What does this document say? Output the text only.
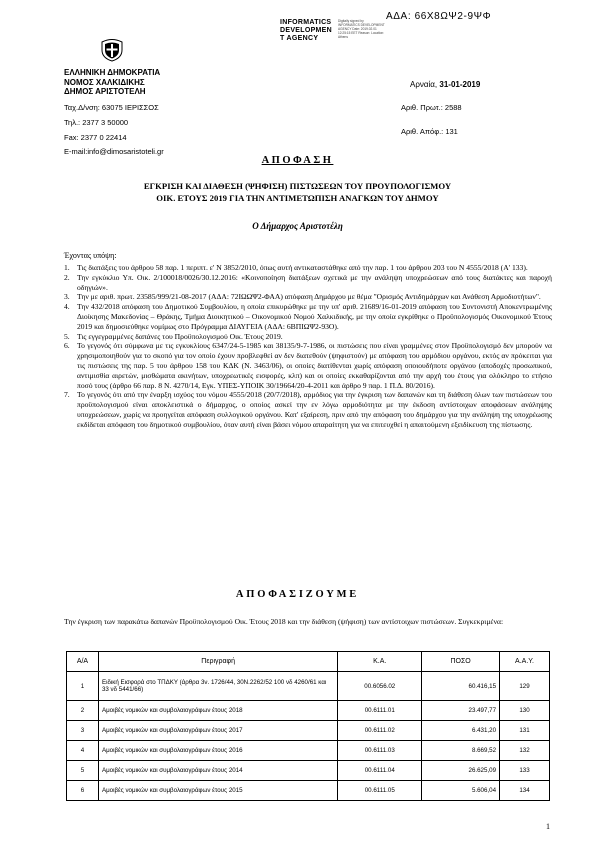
ΑΔΑ: 66Χ8ΩΨ2-9ΨΦ
INFORMATICS
DEVELOPMEN
T AGENCY
Digitally signed by INFORMATICS DEVELOPMENT AGENCY Date: 2019.02.01 12:25:15 EET Reason: Location: Athens
ΕΛΛΗΝΙΚΗ ΔΗΜΟΚΡΑΤΙΑ
ΝΟΜΟΣ ΧΑΛΚΙΔΙΚΗΣ
ΔΗΜΟΣ ΑΡΙΣΤΟΤΕΛΗ
Ταχ.Δ/νση: 63075 ΙΕΡΙΣΣΟΣ
Τηλ.: 2377 3 50000
Fax: 2377 0 22414
E-mail:info@dimosaristoteli.gr
Αρναία, 31-01-2019
Αριθ. Πρωτ.: 2588
Αριθ. Απόφ.: 131
ΑΠΟΦΑΣΗ
ΕΓΚΡΙΣΗ ΚΑΙ ΔΙΑΘΕΣΗ (ΨΗΦΙΣΗ) ΠΙΣΤΩΣΕΩΝ ΤΟΥ ΠΡΟΥΠΟΛΟΓΙΣΜΟΥ
ΟΙΚ. ΕΤΟΥΣ 2019 ΓΙΑ ΤΗΝ ΑΝΤΙΜΕΤΩΠΙΣΗ ΑΝΑΓΚΩΝ ΤΟΥ ΔΗΜΟΥ
Ο Δήμαρχος Αριστοτέλη
Έχοντας υπόψη:
1. Τις διατάξεις του άρθρου 58 παρ. 1 περιπτ. ε' Ν 3852/2010, όπως αυτή αντικαταστάθηκε από την παρ. 1 του άρθρου 203 του Ν 4555/2018 (Α' 133).
2. Την εγκύκλιο Υπ. Οικ. 2/100018/0026/30.12.2016: «Κοινοποίηση διατάξεων σχετικά με την ανάληψη υποχρεώσεων από τους διατάκτες και παροχή οδηγιών».
3. Την με αριθ. πρωτ. 23585/999/21-08-2017 (ΑΔΑ: 72ΙΩΩΨ2-ΦΑΑ) απόφαση Δημάρχου με θέμα "Ορισμός Αντιδημάρχων και Ανάθεση Αρμοδιοτήτων".
4. Την 432/2018 απόφαση του Δημοτικού Συμβουλίου, η οποία επικυρώθηκε με την υπ' αριθ. 21689/16-01-2019 απόφαση του Συντονιστή Αποκεντρωμένης Διοίκησης Μακεδονίας – Θράκης, Τμήμα Διοικητικού – Οικονομικού Νομού Χαλκιδικής, με την οποία εγκρίθηκε ο Προϋπολογισμός Οικονομικού Έτους 2019 και δημοσιεύθηκε νομίμως στο Πρόγραμμα ΔΙΑΥΓΕΙΑ (ΑΔΑ: 6ΒΠΙΩΨ2-93Ο).
5. Τις εγγεγραμμένες δαπάνες του Προϋπολογισμού Οικ. Έτους 2019.
6. Το γεγονός ότι σύμφωνα με τις εγκυκλίους 6347/24-5-1985 και 38135/9-7-1986, οι πιστώσεις που είναι γραμμένες στον Προϋπολογισμό δεν μπορούν να χρησιμοποιηθούν για το σκοπό για τον οποίο έχουν προβλεφθεί αν δεν διατεθούν (ψηφιστούν) με απόφαση του αρμόδιου οργάνου, εκτός αν πρόκειται για τις πιστώσεις της παρ. 5 του άρθρου 158 του ΚΔΚ (Ν. 3463/06), οι οποίες διατίθενται χωρίς απόφαση οποιουδήποτε οργάνου (αποδοχές προσωπικού, αντιμισθία αιρετών, μισθώματα ακινήτων, υποχρεωτικές εισφορές, κλπ) και οι οποίες εκκαθαρίζονται από την αρχή του έτους για ολόκληρο το ετήσιο ποσό τους (άρθρο 66 παρ. 8 Ν. 4270/14, Εγκ. ΥΠΕΣ-ΥΠΟΙΚ 30/19664/20-4-2011 και άρθρο 9 παρ. 1 Π.Δ. 80/2016).
7. Το γεγονός ότι από την έναρξη ισχύος του νόμου 4555/2018 (20/7/2018), αρμόδιος για την έγκριση των δαπανών και τη διάθεση όλων των πιστώσεων του προϋπολογισμού είναι αποκλειστικά ο δήμαρχος, ο οποίος ασκεί την εν λόγω αρμοδιότητα με την έκδοση αντίστοιχων αποφάσεων ανάληψης υποχρεώσεων, χωρίς να προηγείται απόφαση συλλογικού οργάνου. Κατ' εξαίρεση, πριν από την απόφαση του δημάρχου για την ανάληψη της υποχρέωσης εκδίδεται απόφαση του δημοτικού συμβουλίου, όταν αυτή είναι βάσει νόμου απαραίτητη για να επιτευχθεί η απαιτούμενη εξειδίκευση της πίστωσης.
ΑΠΟΦΑΣΙΖΟΥΜΕ
Την έγκριση των παρακάτω δαπανών Προϋπολογισμού Οικ. Έτους 2018 και την διάθεση (ψήφιση) των αντίστοιχων πιστώσεων. Συγκεκριμένα:
Α/Α	Περιγραφή	Κ.Α.	ΠΟΣΟ	Α.Α.Υ.
1	Ειδική Εισφορά στο ΤΠΔΚΥ (άρθρα 3ν. 1726/44, 30Ν.2262/52 100 νδ 4260/61 και 33 νδ 5441/66)	00.6056.02	60.416,15	129
2	Αμοιβές νομικών και συμβολαιογράφων έτους 2018	00.6111.01	23.497,77	130
3	Αμοιβές νομικών και συμβολαιογράφων έτους 2017	00.6111.02	6.431,20	131
4	Αμοιβές νομικών και συμβολαιογράφων έτους 2016	00.6111.03	8.669,52	132
5	Αμοιβές νομικών και συμβολαιογράφων έτους 2014	00.6111.04	26.625,09	133
6	Αμοιβές νομικών και συμβολαιογράφων έτους 2015	00.6111.05	5.606,04	134
1
